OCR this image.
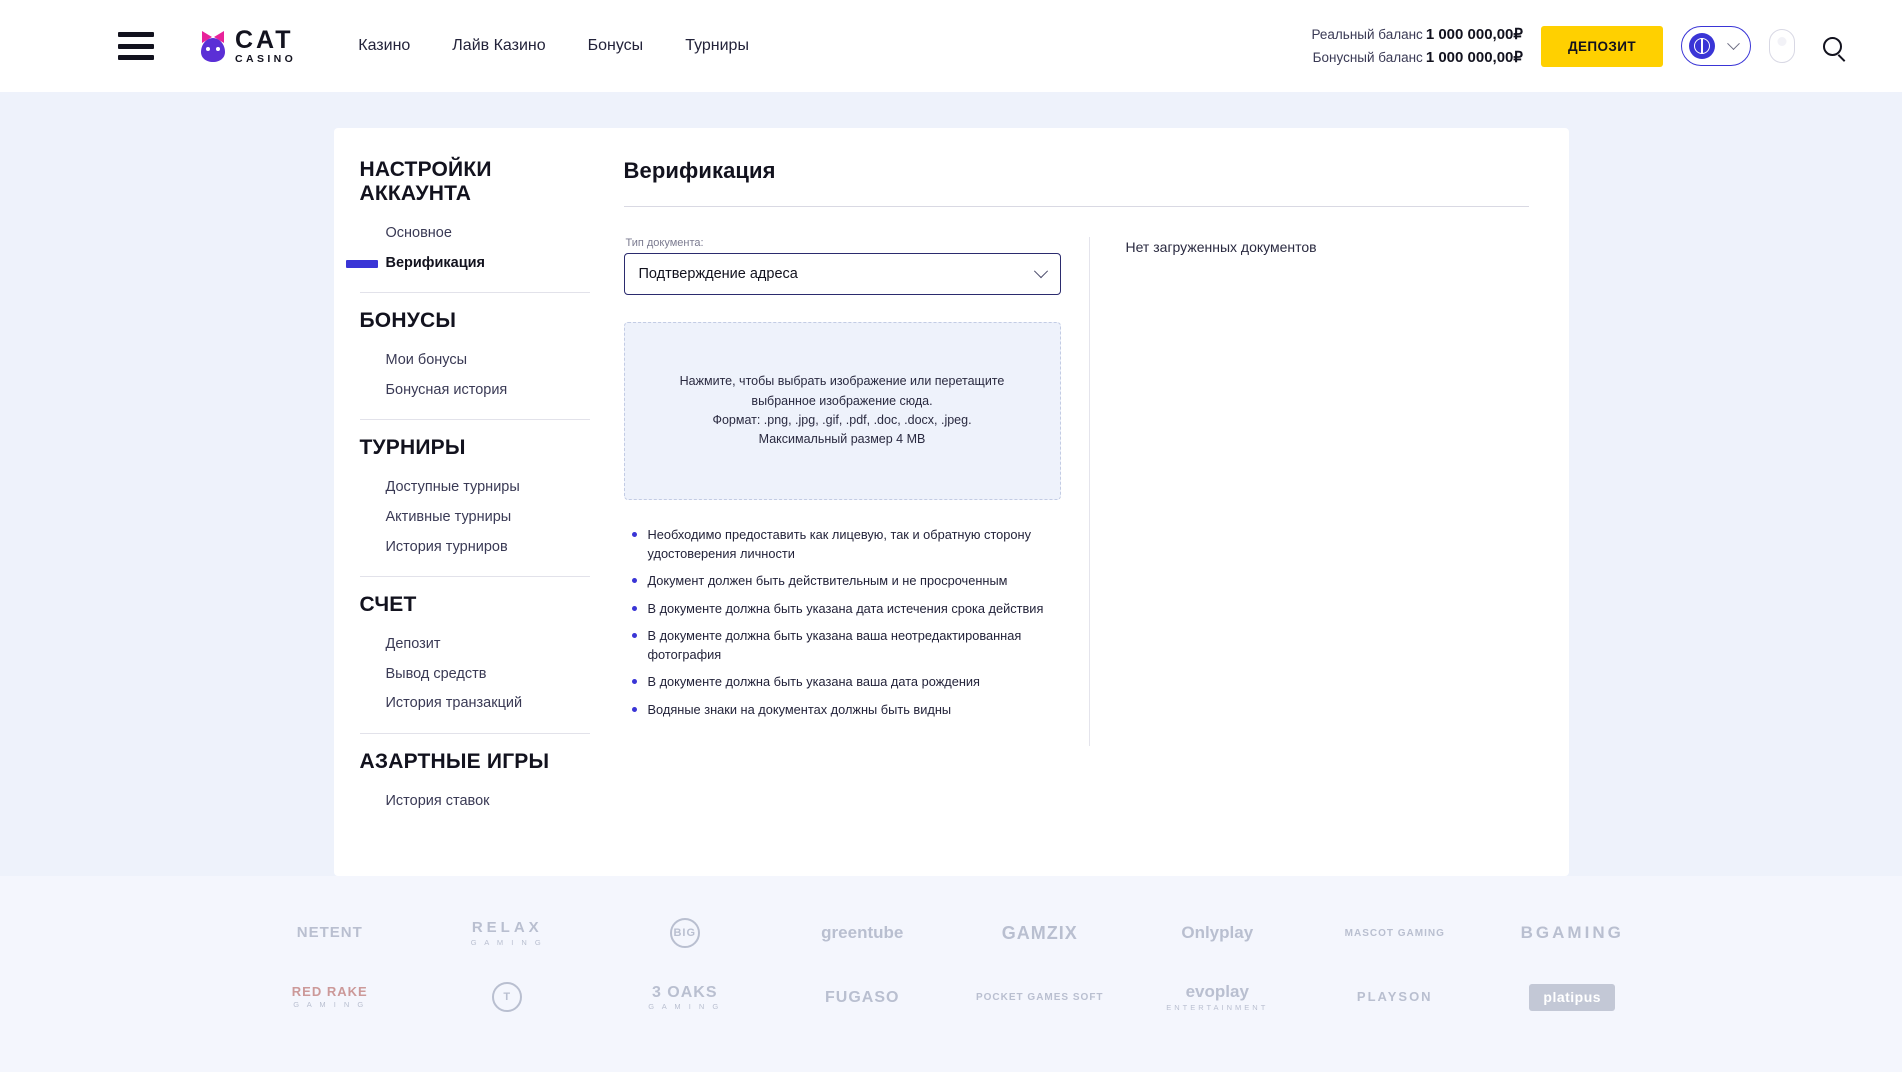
CAT
CASINO
Казино	Лайв Казино	Бонусы	Турниры
Реальный баланс 1 000 000,00₽
Бонусный баланс 1 000 000,00₽
ДЕПОЗИТ
НАСТРОЙКИ АККАУНТА
Основное
Верификация
БОНУСЫ
Мои бонусы
Бонусная история
ТУРНИРЫ
Доступные турниры
Активные турниры
История турниров
СЧЕТ
Депозит
Вывод средств
История транзакций
АЗАРТНЫЕ ИГРЫ
История ставок
Верификация
Тип документа:
Подтверждение адреса
Нажмите, чтобы выбрать изображение или перетащите
выбранное изображение сюда.
Формат: .png, .jpg, .gif, .pdf, .doc, .docx, .jpeg.
Максимальный размер 4 MB
Необходимо предоставить как лицевую, так и обратную сторону удостоверения личности
Документ должен быть действительным и не просроченным
В документе должна быть указана дата истечения срока действия
В документе должна быть указана ваша неотредактированная фотография
В документе должна быть указана ваша дата рождения
Водяные знаки на документах должны быть видны
Нет загруженных документов
NETENT	RELAX
G A M I N G
BIG	greentube	GAMZIX	Onlyplay	MASCOT GAMING	BGAMING
RED RAKE
G A M I N G
T	3 OAKS
G A M I N G
FUGASO	POCKET GAMES SOFT	evoplay
ENTERTAINMENT
PLAYSON	platipus
